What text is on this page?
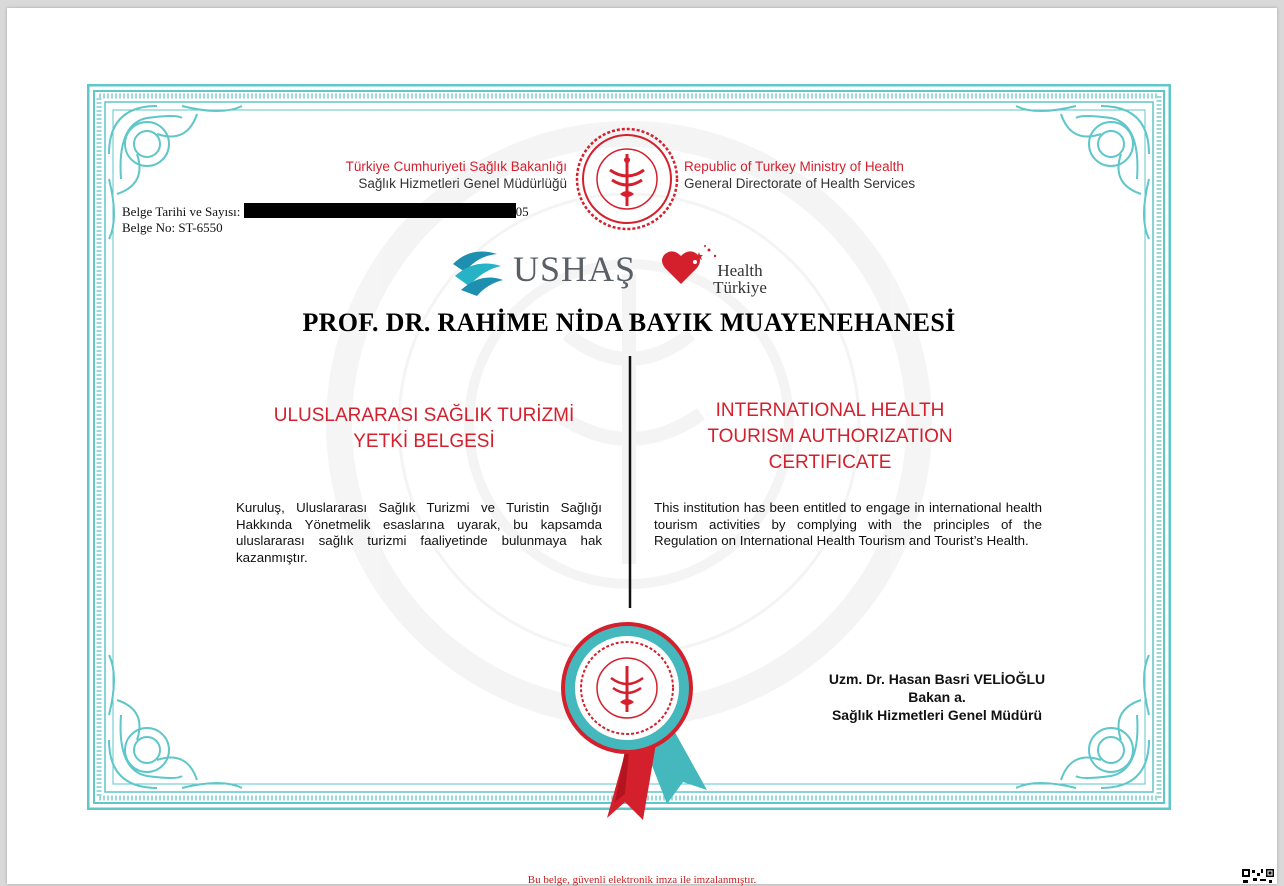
Türkiye Cumhuriyeti Sağlık Bakanlığı
Sağlık Hizmetleri Genel Müdürlüğü
Republic of Turkey Ministry of Health
General Directorate of Health Services
USHAŞ	Health
Türkiye
PROF. DR. RAHİME NİDA BAYIK MUAYENEHANESİ
ULUSLARARASI SAĞLIK TURİZMİ
YETKİ BELGESİ
Kuruluş, Uluslararası Sağlık Turizmi ve Turistin Sağlığı Hakkında Yönetmelik esaslarına uyarak, bu kapsamda uluslararası sağlık turizmi faaliyetinde bulunmaya hak kazanmıştır.
INTERNATIONAL HEALTH
TOURISM AUTHORIZATION
CERTIFICATE
This institution has been entitled to engage in international health tourism activities by complying with the principles of the Regulation on International Health Tourism and Tourist’s Health.
Uzm. Dr. Hasan Basri VELİOĞLU
Bakan a.
Sağlık Hizmetleri Genel Müdürü
Belge Tarihi ve Sayısı:	05
Belge No: ST-6550
Bu belge, güvenli elektronik imza ile imzalanmıştır.
